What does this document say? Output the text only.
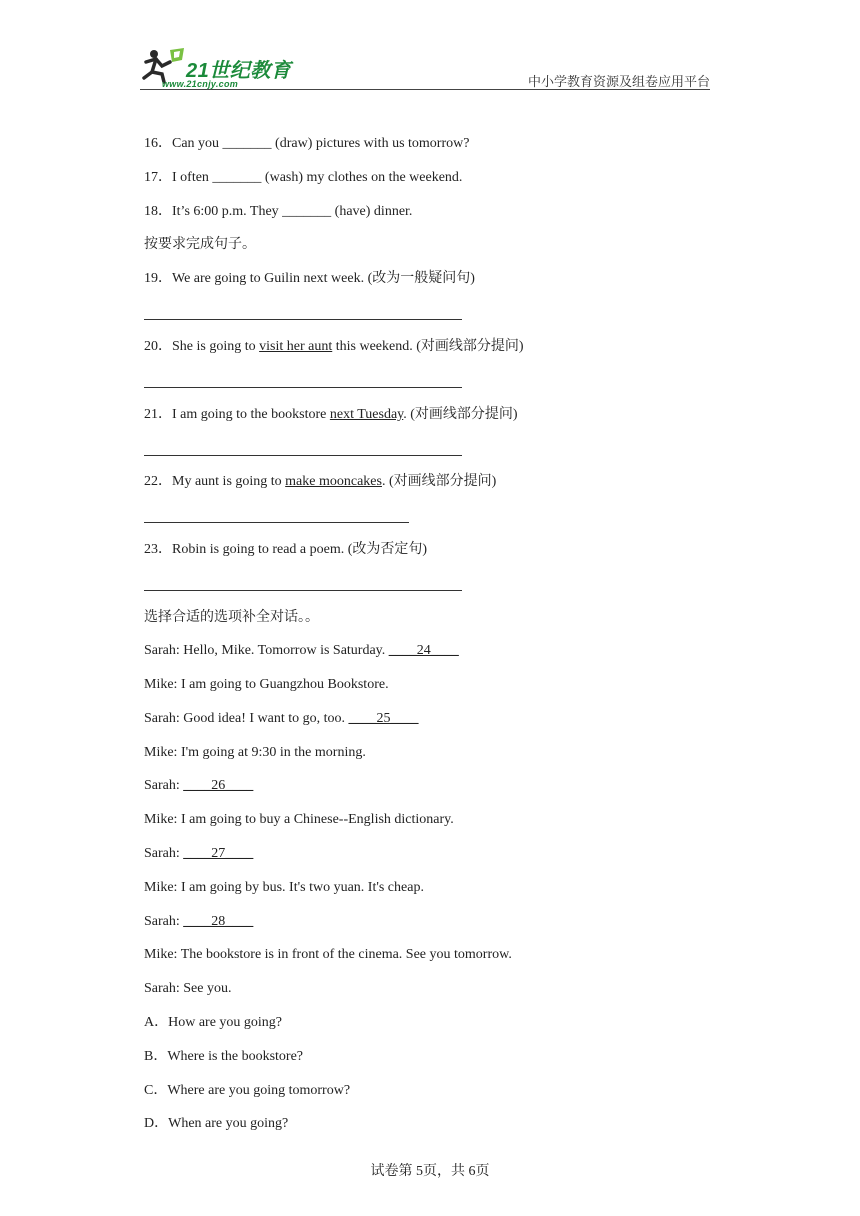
21世纪教育
www.21cnjy.com	中小学教育资源及组卷应用平台
16．Can you _______ (draw) pictures with us tomorrow?
17．I often _______ (wash) my clothes on the weekend.
18．It’s 6:00 p.m. They _______ (have) dinner.
按要求完成句子。
19．We are going to Guilin next week. (改为一般疑问句)
20．She is going to visit her aunt this weekend. (对画线部分提问)
21．I am going to the bookstore next Tuesday. (对画线部分提问)
22．My aunt is going to make mooncakes. (对画线部分提问)
23．Robin is going to read a poem. (改为否定句)
选择合适的选项补全对话。。
Sarah: Hello, Mike. Tomorrow is Saturday. ____24____
Mike: I am going to Guangzhou Bookstore.
Sarah: Good idea! I want to go, too. ____25____
Mike: I'm going at 9:30 in the morning.
Sarah: ____26____
Mike: I am going to buy a Chinese--English dictionary.
Sarah: ____27____
Mike: I am going by bus. It's two yuan. It's cheap.
Sarah: ____28____
Mike: The bookstore is in front of the cinema. See you tomorrow.
Sarah: See you.
A．How are you going?
B．Where is the bookstore?
C．Where are you going tomorrow?
D．When are you going?
试卷第 5页，共 6页
